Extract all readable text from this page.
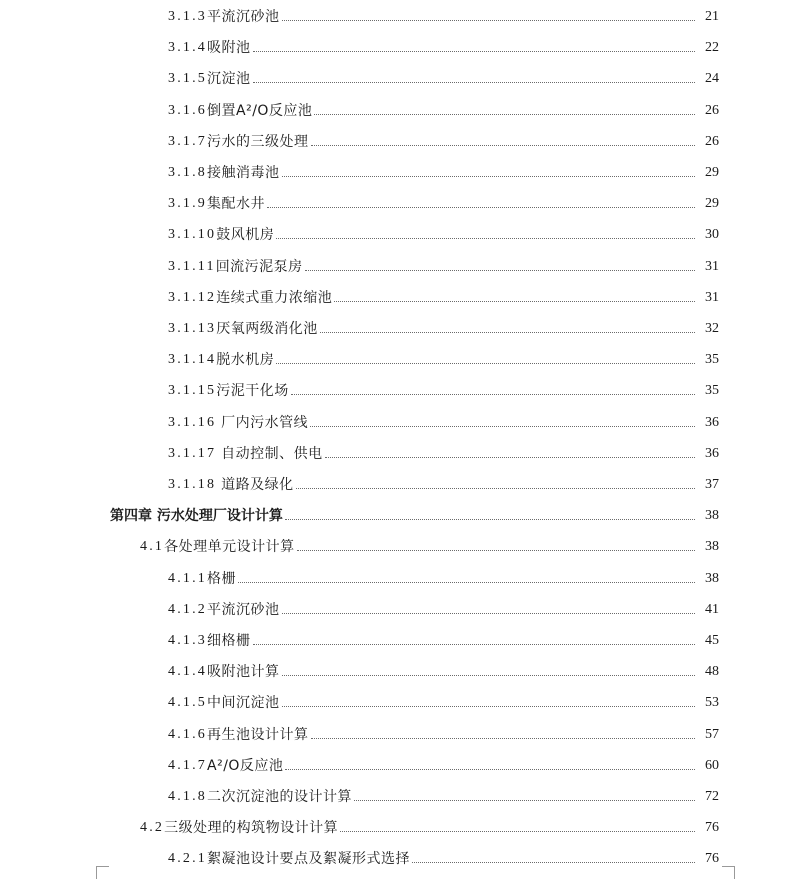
3.1.3 平流沉砂池	21
3.1.4 吸附池	22
3.1.5 沉淀池	24
3.1.6 倒置A²/O反应池	26
3.1.7 污水的三级处理	26
3.1.8 接触消毒池	29
3.1.9 集配水井	29
3.1.10 鼓风机房	30
3.1.11 回流污泥泵房	31
3.1.12 连续式重力浓缩池	31
3.1.13 厌氧两级消化池	32
3.1.14 脱水机房	35
3.1.15 污泥干化场	35
3.1.16 厂内污水管线	36
3.1.17 自动控制、供电	36
3.1.18 道路及绿化	37
第四章 污水处理厂设计计算	38
4.1 各处理单元设计计算	38
4.1.1 格栅	38
4.1.2 平流沉砂池	41
4.1.3 细格栅	45
4.1.4 吸附池计算	48
4.1.5 中间沉淀池	53
4.1.6 再生池设计计算	57
4.1.7 A²/O反应池	60
4.1.8 二次沉淀池的设计计算	72
4.2 三级处理的构筑物设计计算	76
4.2.1 絮凝池设计要点及絮凝形式选择	76
